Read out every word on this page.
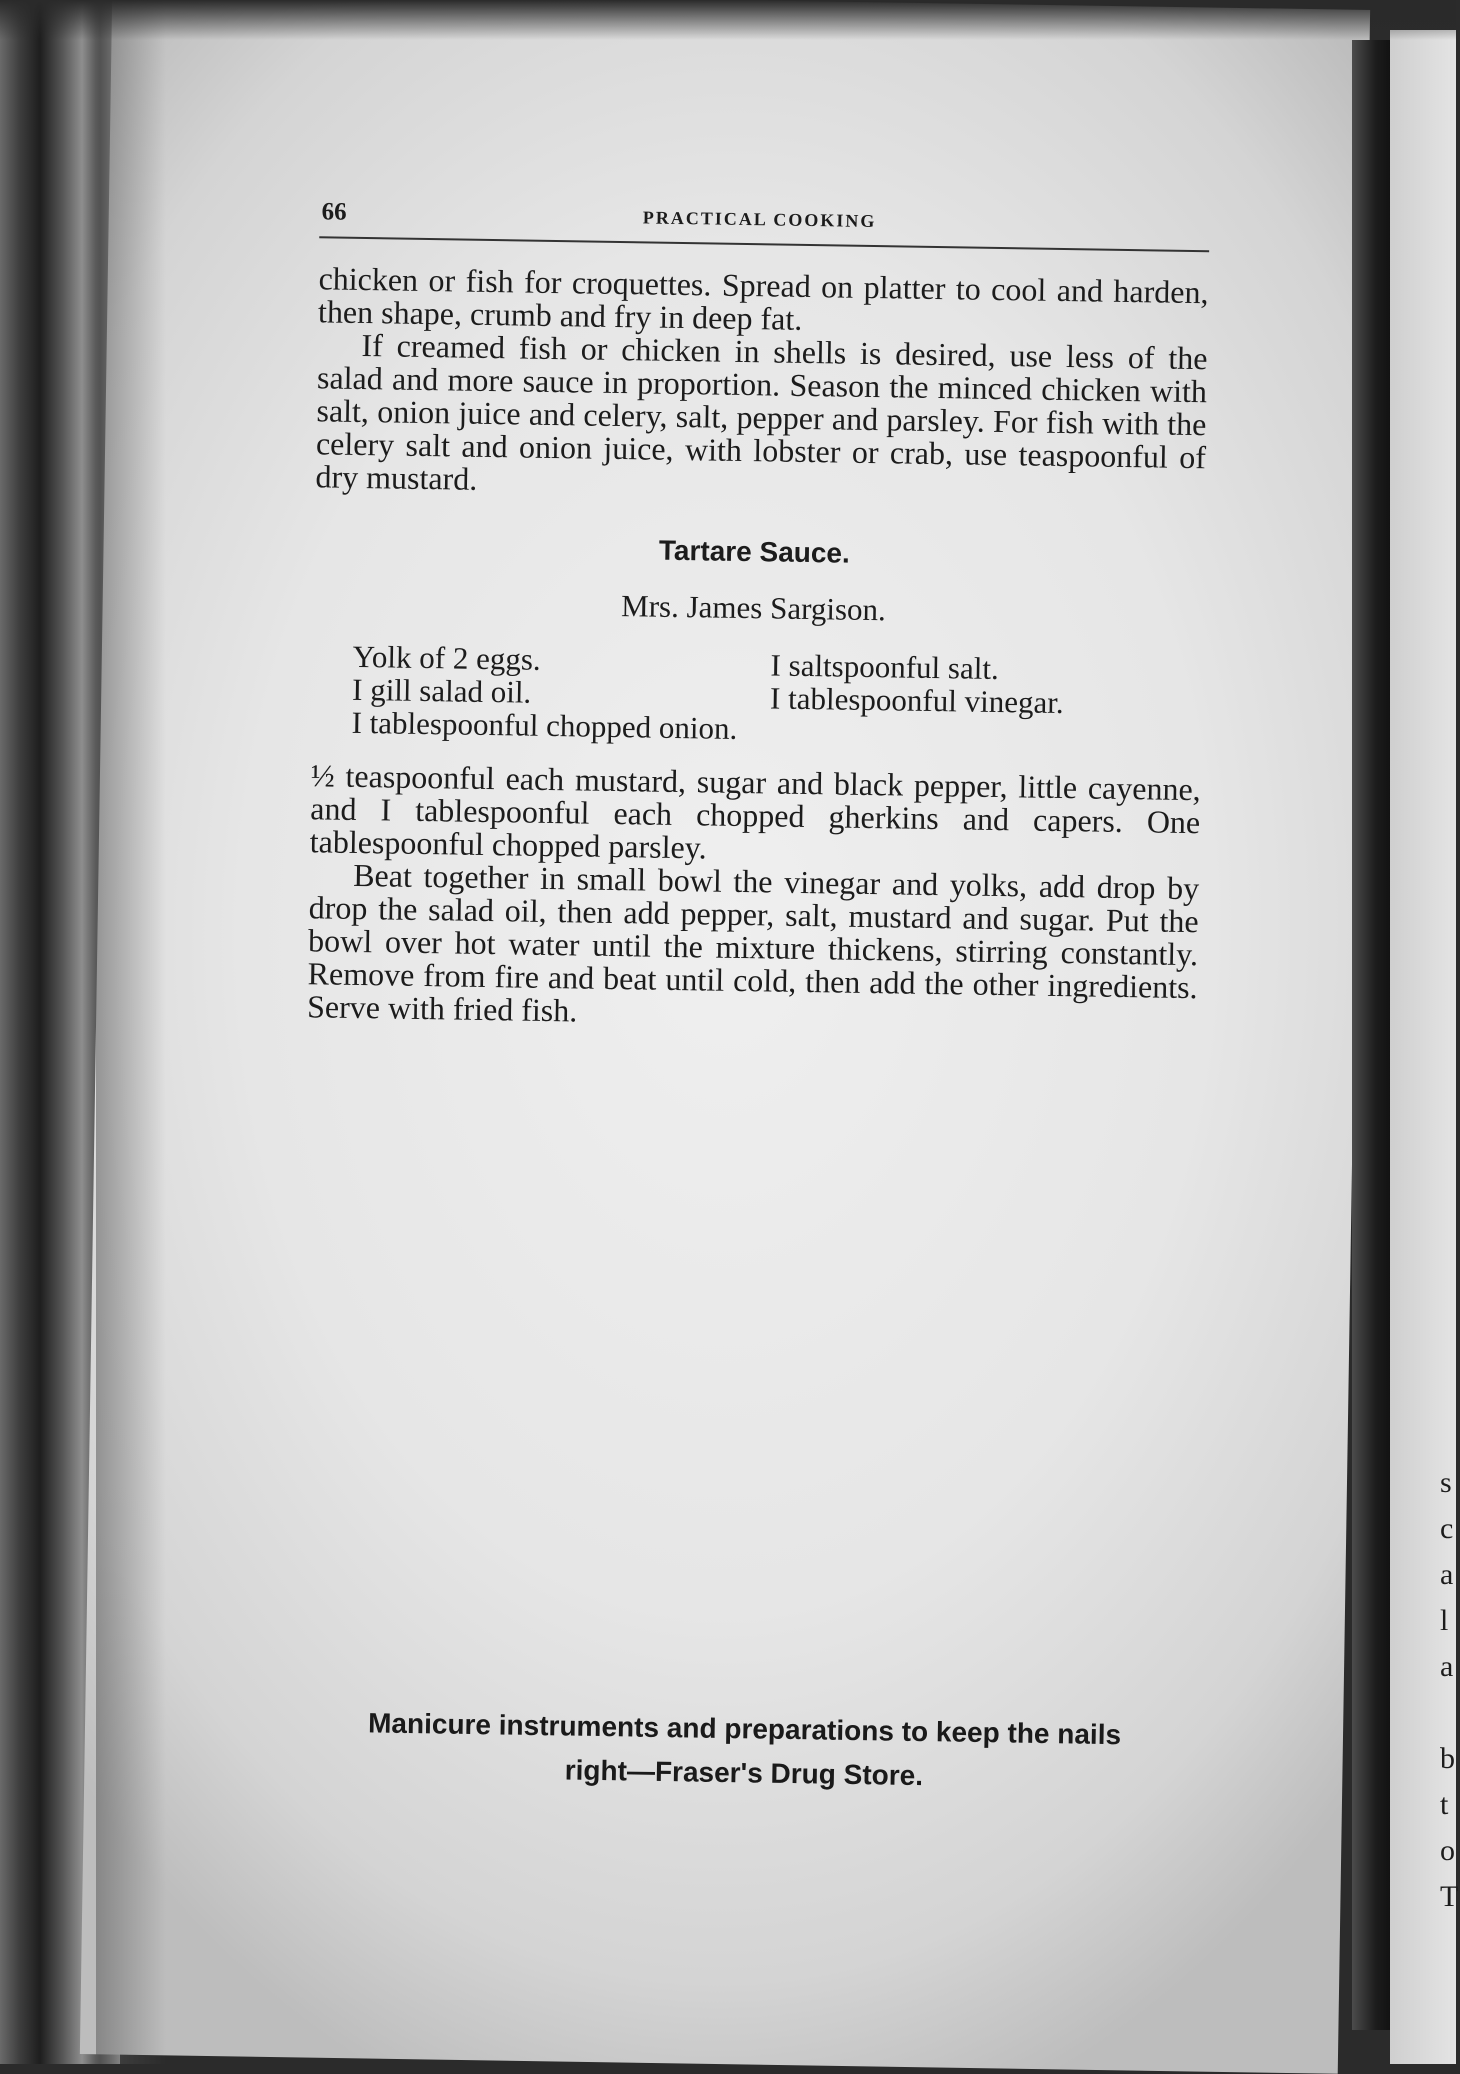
66	PRACTICAL COOKING

chicken or fish for croquettes. Spread on platter to cool and harden, then shape, crumb and fry in deep fat.

If creamed fish or chicken in shells is desired, use less of the salad and more sauce in proportion. Season the minced chicken with salt, onion juice and celery, salt, pepper and parsley. For fish with the celery salt and onion juice, with lobster or crab, use teaspoonful of dry mustard.

Tartare Sauce.
Mrs. James Sargison.
Yolk of 2 eggs.
I gill salad oil.
I tablespoonful chopped onion.
I saltspoonful salt.
I tablespoonful vinegar.

½ teaspoonful each mustard, sugar and black pepper, little cayenne, and I tablespoonful each chopped gherkins and capers. One tablespoonful chopped parsley.

Beat together in small bowl the vinegar and yolks, add drop by drop the salad oil, then add pepper, salt, mustard and sugar. Put the bowl over hot water until the mixture thickens, stirring constantly. Remove from fire and beat until cold, then add the other ingredients. Serve with fried fish.

Manicure instruments and preparations to keep the nails
right—Fraser's Drug Store.
s
c
a
l
a
b
t
o
T
